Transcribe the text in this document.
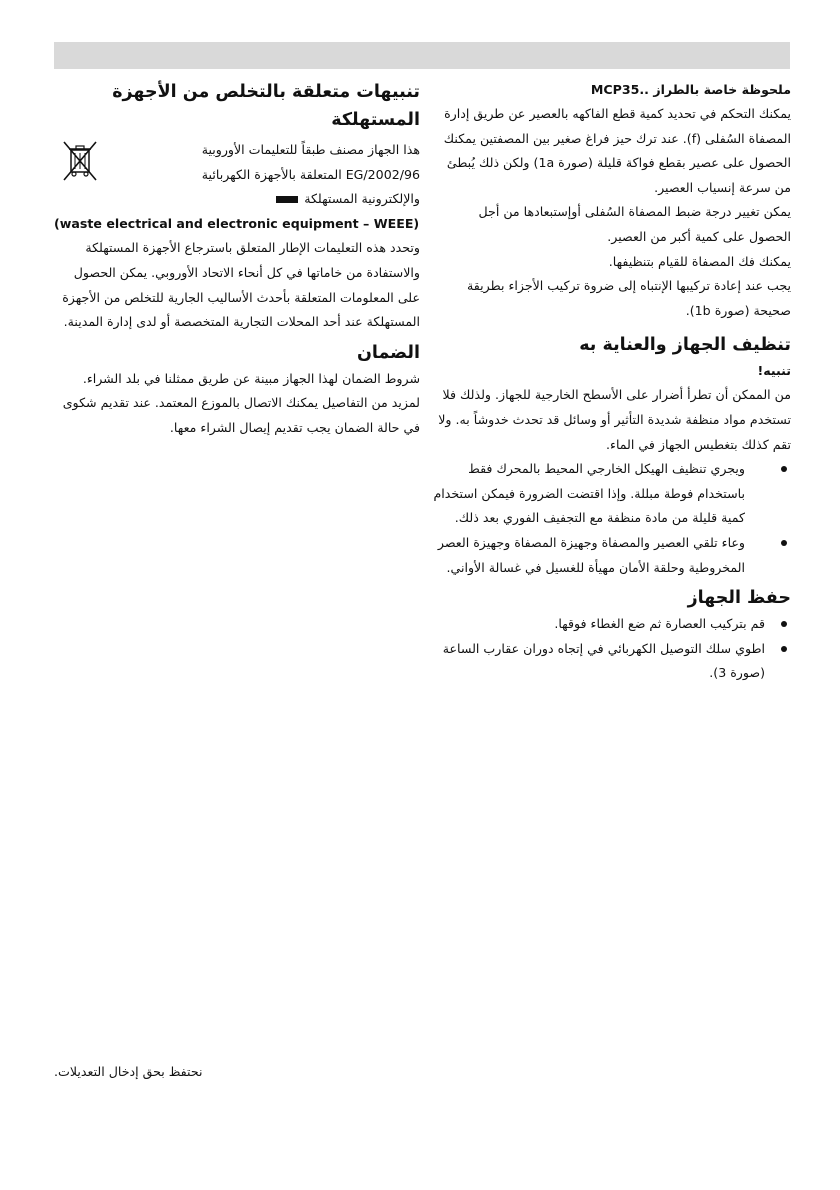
ملحوظة خاصة بالطراز ..MCP35

يمكنك التحكم في تحديد كمية قطع الفاكهه بالعصير عن طريق إدارة المصفاة السُفلى (f). عند ترك حيز فراغ صغير بين المصفتين يمكنك الحصول على عصير بقطع فواكة قليلة (صورة 1a) ولكن ذلك يُبطئ من سرعة إنسياب العصير.

يمكن تغيير درجة ضبط المصفاة السُفلى أوإستبعادها من أجل الحصول على كمية أكبر من العصير.

يمكنك فك المصفاة للقيام بتنظيفها.

يجب عند إعادة تركيبها الإنتباه إلى ضروة تركيب الأجزاء بطريقة صحيحة (صورة 1b).

تنظيف الجهاز والعناية به

تنبيه!

من الممكن أن تطرأ أضرار على الأسطح الخارجية للجهاز. ولذلك فلا تستخدم مواد منظفة شديدة التأثير أو وسائل قد تحدث خدوشاً به. ولا تقم كذلك بتغطيس الجهاز في الماء.

ويجري تنظيف الهيكل الخارجي المحيط بالمحرك فقط باستخدام فوطة مبللة. وإذا اقتضت الضرورة فيمكن استخدام كمية قليلة من مادة منظفة مع التجفيف الفوري بعد ذلك.
وعاء تلقي العصير والمصفاة وجهيزة المصفاة وجهيزة العصر المخروطية وحلقة الأمان مهيأة للغسيل في غسالة الأواني.

حفظ الجهاز

قم بتركيب العصارة ثم ضع الغطاء فوقها.
اطوي سلك التوصيل الكهربائي في إتجاه دوران عقارب الساعة (صورة 3).

تنبيهات متعلقة بالتخلص من الأجهزة المستهلكة

هذا الجهاز مصنف طبقاً للتعليمات الأوروبية

2002/96/EG المتعلقة بالأجهزة الكهربائية

والإلكترونية المستهلكة

(waste electrical and electronic equipment – WEEE)

وتحدد هذه التعليمات الإطار المتعلق باسترجاع الأجهزة المستهلكة والاستفادة من خاماتها في كل أنحاء الاتحاد الأوروبي. يمكن الحصول على المعلومات المتعلقة بأحدث الأساليب الجارية للتخلص من الأجهزة المستهلكة عند أحد المحلات التجارية المتخصصة أو لدى إدارة المدينة.

الضمان

شروط الضمان لهذا الجهاز مبينة عن طريق ممثلنا في بلد الشراء. لمزيد من التفاصيل يمكنك الاتصال بالموزع المعتمد. عند تقديم شكوى في حالة الضمان يجب تقديم إيصال الشراء معها.

نحتفظ بحق إدخال التعديلات.
